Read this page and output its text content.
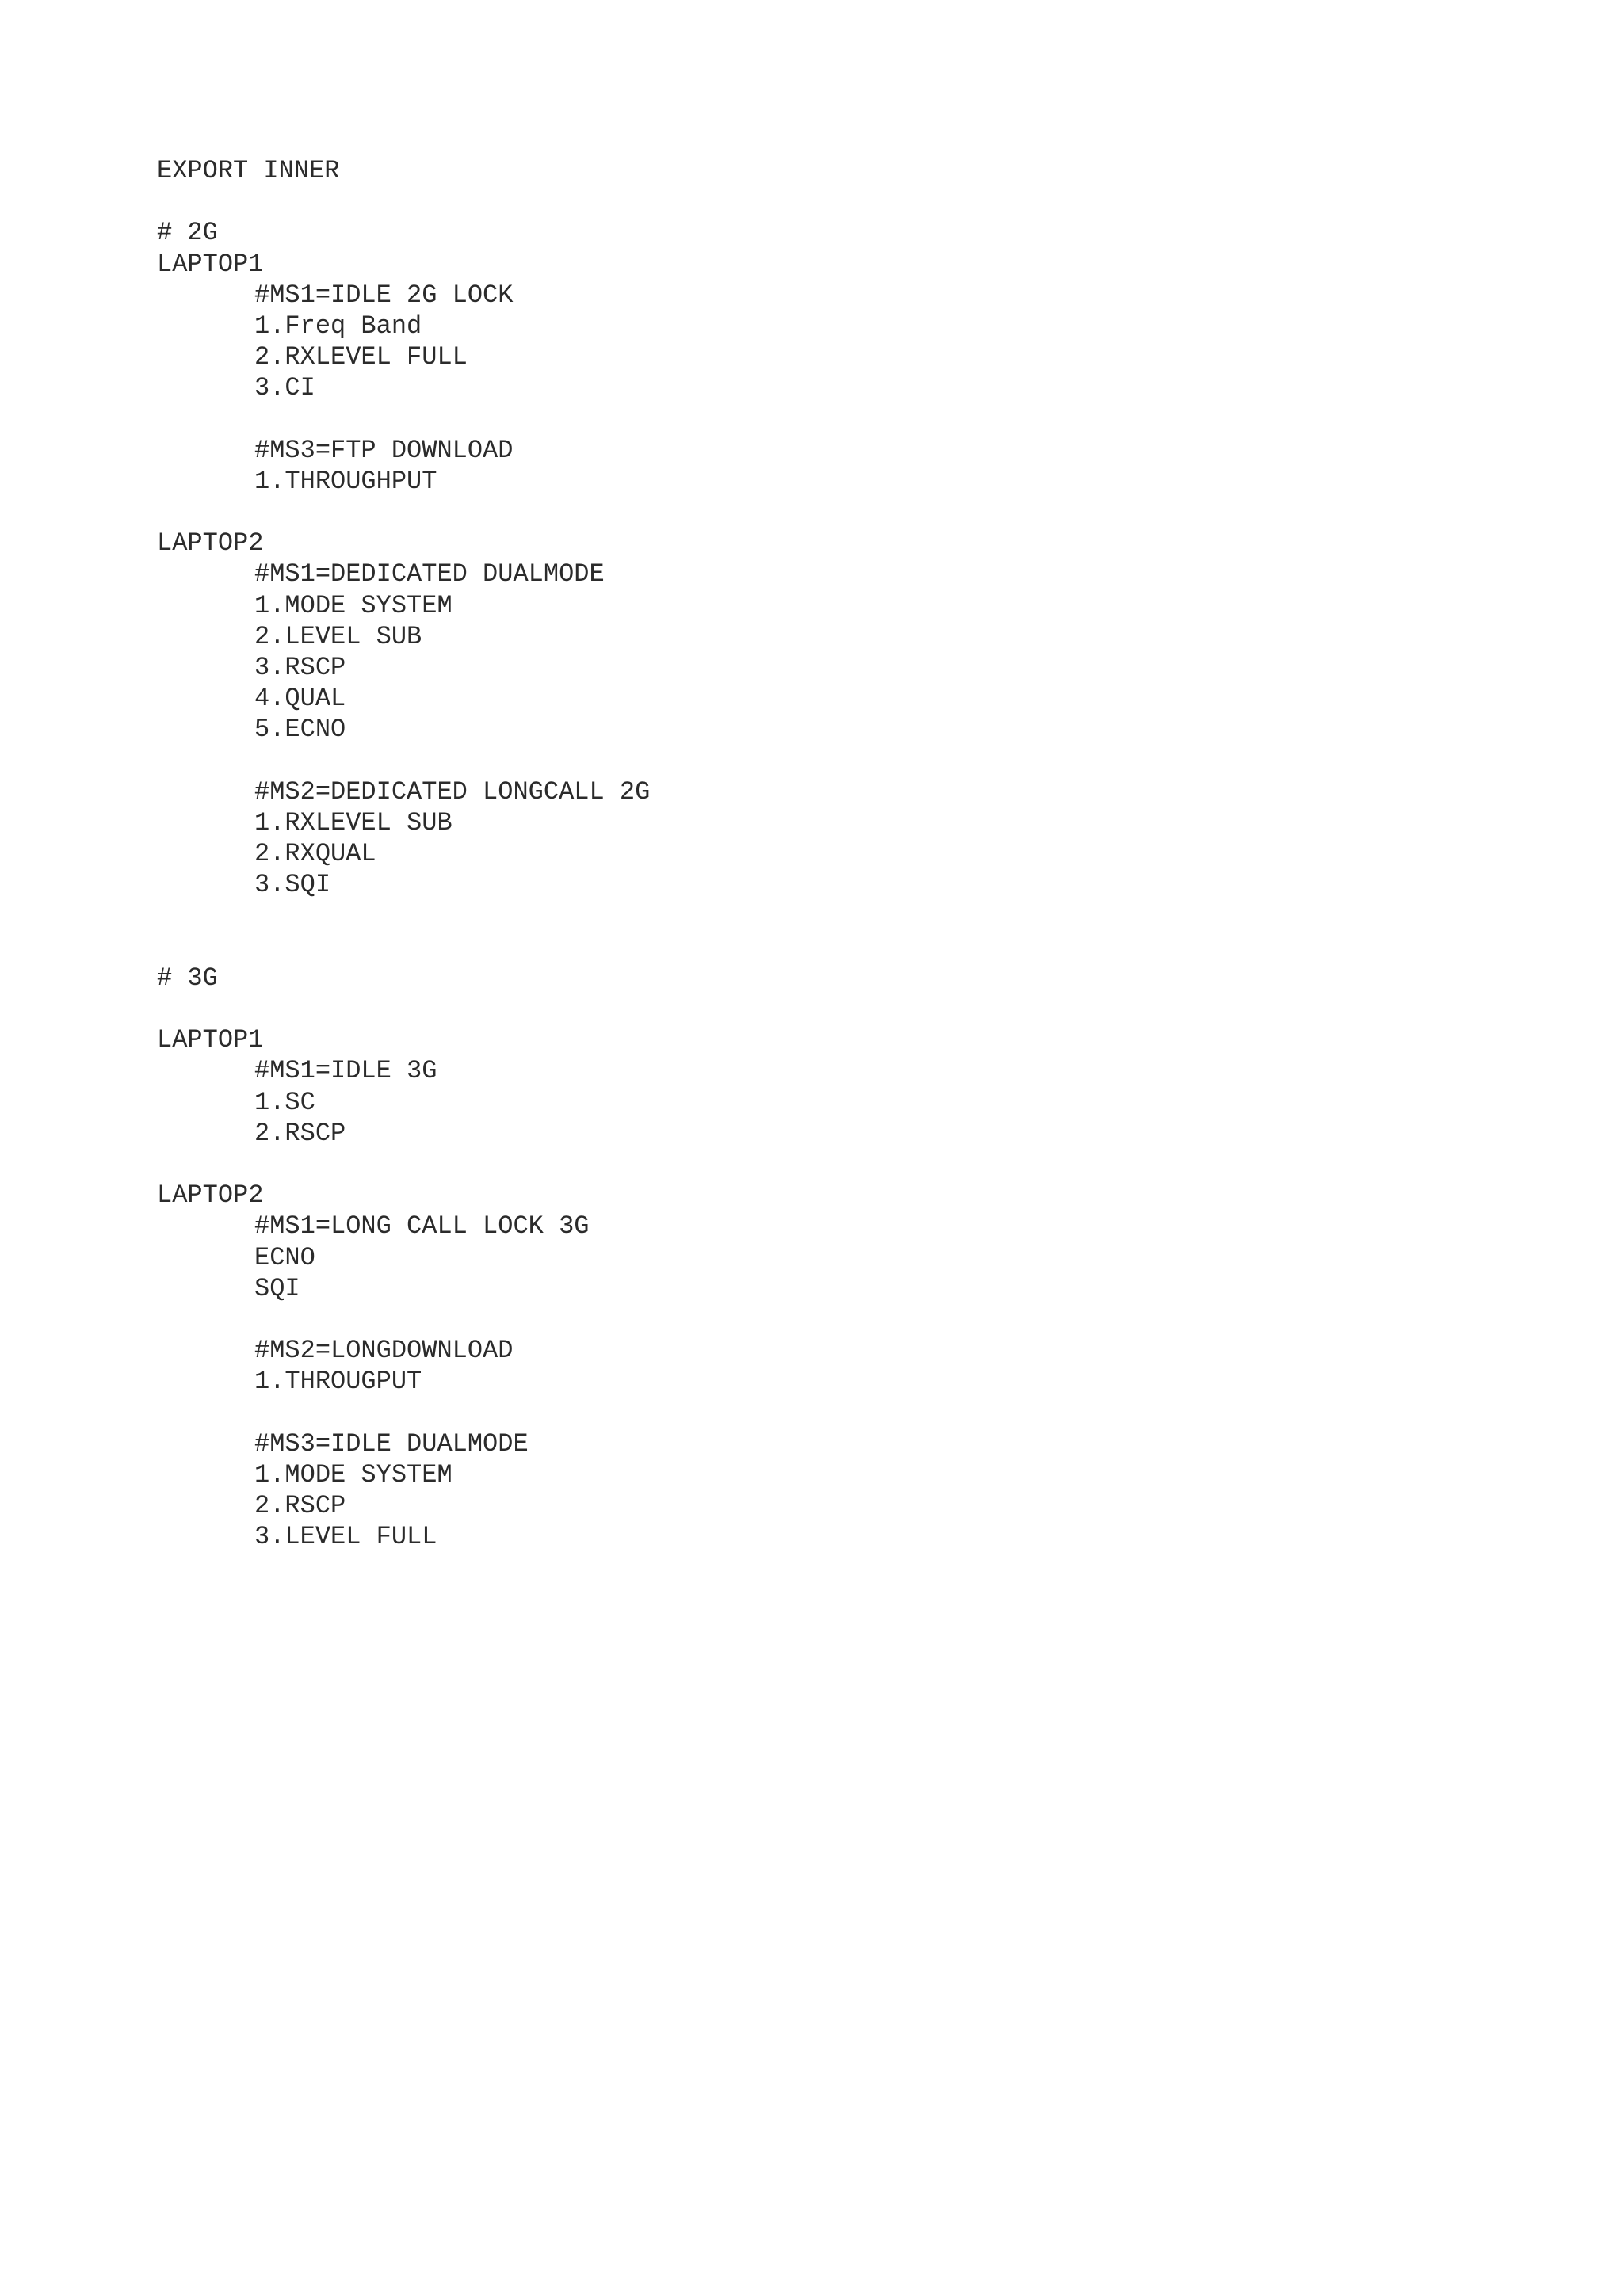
EXPORT INNER
# 2G
LAPTOP1
#MS1=IDLE 2G LOCK
1.Freq Band
2.RXLEVEL FULL
3.CI
#MS3=FTP DOWNLOAD
1.THROUGHPUT
LAPTOP2
#MS1=DEDICATED DUALMODE
1.MODE SYSTEM
2.LEVEL SUB
3.RSCP
4.QUAL
5.ECNO
#MS2=DEDICATED LONGCALL 2G
1.RXLEVEL SUB
2.RXQUAL
3.SQI
# 3G
LAPTOP1
#MS1=IDLE 3G
1.SC
2.RSCP
LAPTOP2
#MS1=LONG CALL LOCK 3G
ECNO
SQI
#MS2=LONGDOWNLOAD
1.THROUGPUT
#MS3=IDLE DUALMODE
1.MODE SYSTEM
2.RSCP
3.LEVEL FULL
